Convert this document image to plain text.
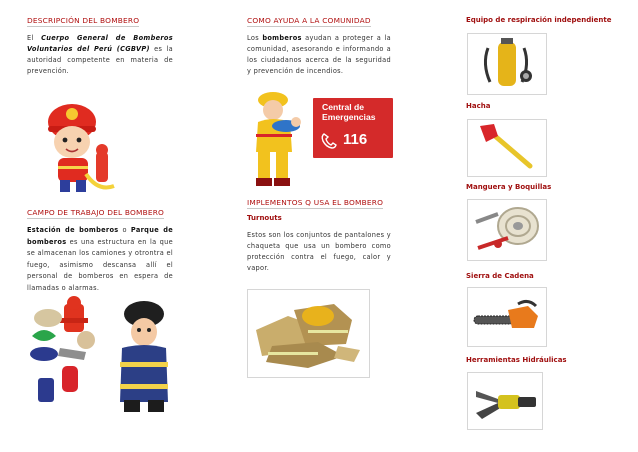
DESCRIPCIÓN DEL BOMBERO
El Cuerpo General de Bomberos Voluntarios del Perú (CGBVP) es la autoridad competente en materia de prevención.
CAMPO DE TRABAJO DEL BOMBERO
Estación de bomberos o Parque de bomberos es una estructura en la que se almacenan los camiones y otrontra el fuego, asimismo descansa allí el personal de bomberos en espera de llamadas o alarmas.
COMO AYUDA A LA COMUNIDAD
Los bomberos ayudan a proteger a la comunidad, asesorando e informando a los ciudadanos acerca de la seguridad y prevención de incendios.
Central de
Emergencias
116
IMPLEMENTOS Q USA EL BOMBERO
Turnouts
Estos son los conjuntos de pantalones y chaqueta que usa un bombero como protección contra el fuego, calor y vapor.
Equipo de respiración independiente
Hacha
Manguera y Boquillas
Sierra de Cadena
Herramientas Hidráulicas
